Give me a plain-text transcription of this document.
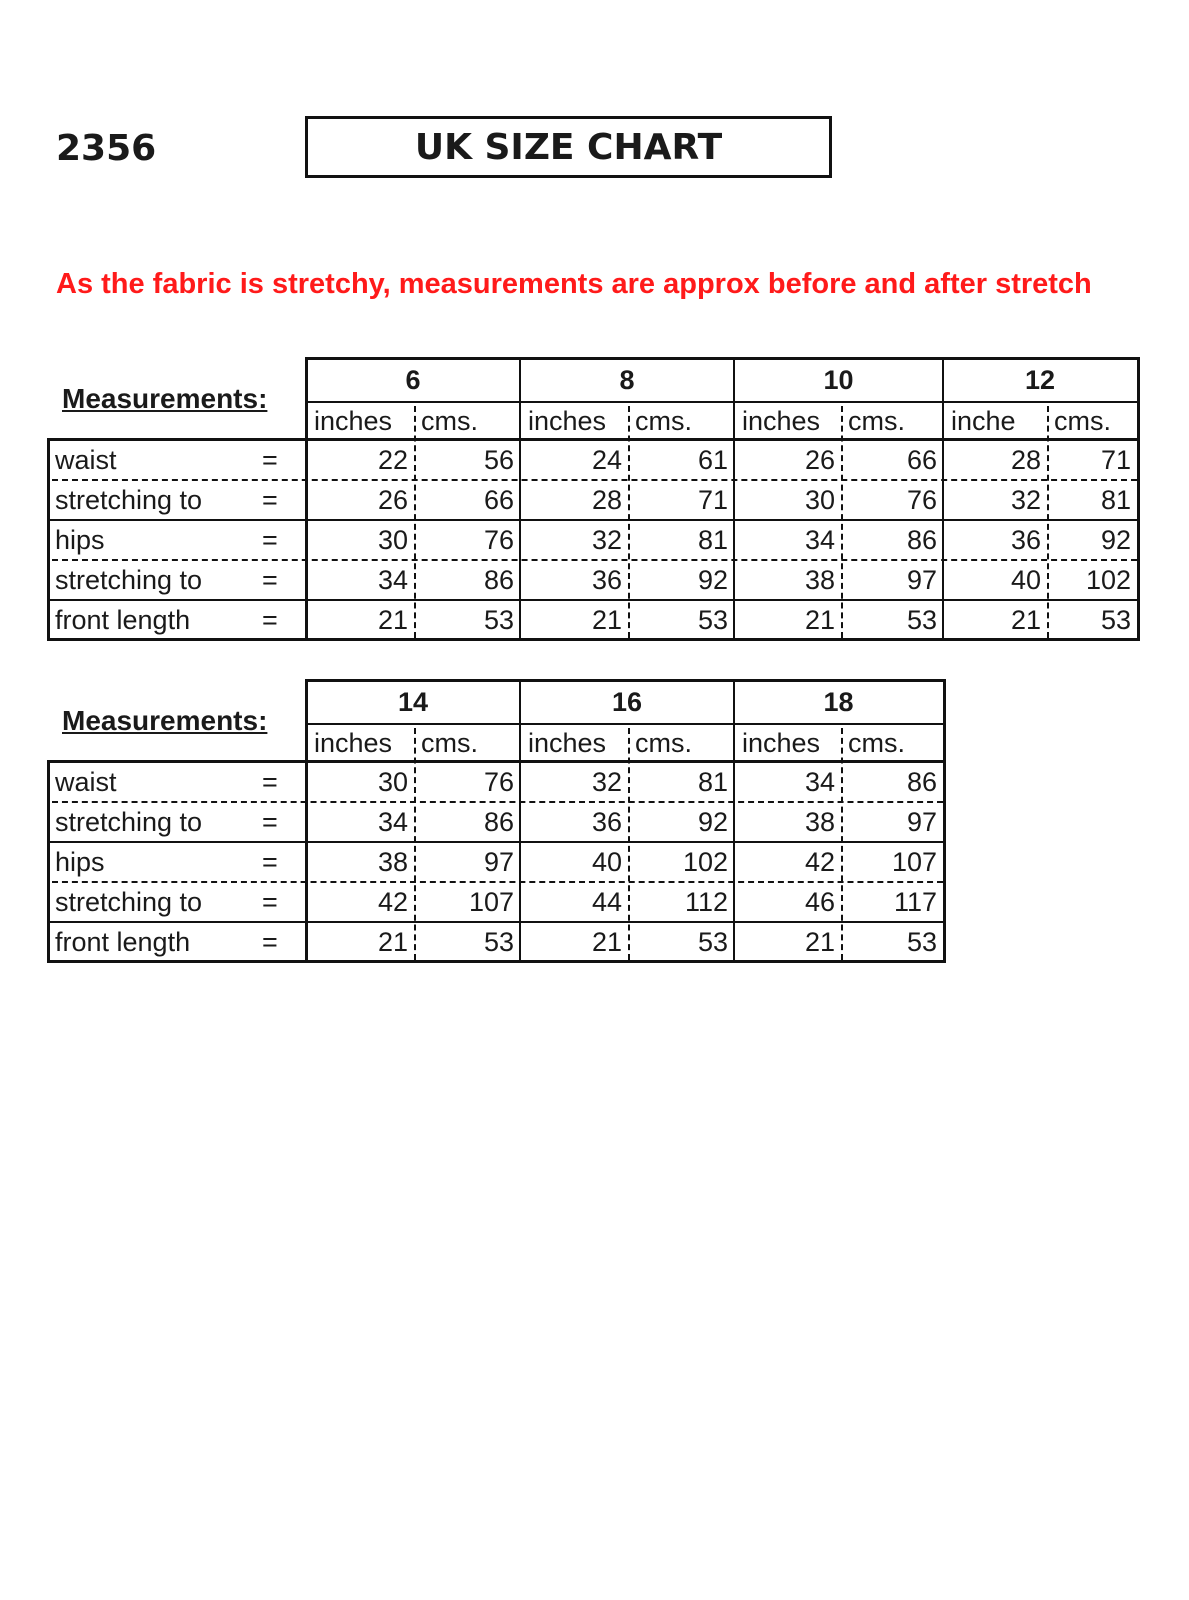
2356	UK SIZE CHART
As the fabric is stretchy, measurements are approx before and after stretch
Measurements:
6
inches cms.
8
inches cms.
10
inches cms.
12
inche cms.
waist	=	22	56	24	61	26	66	28	71
stretching to =	26	66	28	71	30	76	32	81
hips	=	30	76	32	81	34	86	36	92
stretching to =	34	86	36	92	38	97	40	102
front length	=	21	53	21	53	21	53	21	53
Measurements:
14
inches cms.
16
inches cms.
18
inches cms.
waist	=	30	76	32	81	34	86
stretching to =	34	86	36	92	38	97
hips	=	38	97	40	102	42	107
stretching to =	42	107	44	112	46	117
front length	=	21	53	21	53	21	53
